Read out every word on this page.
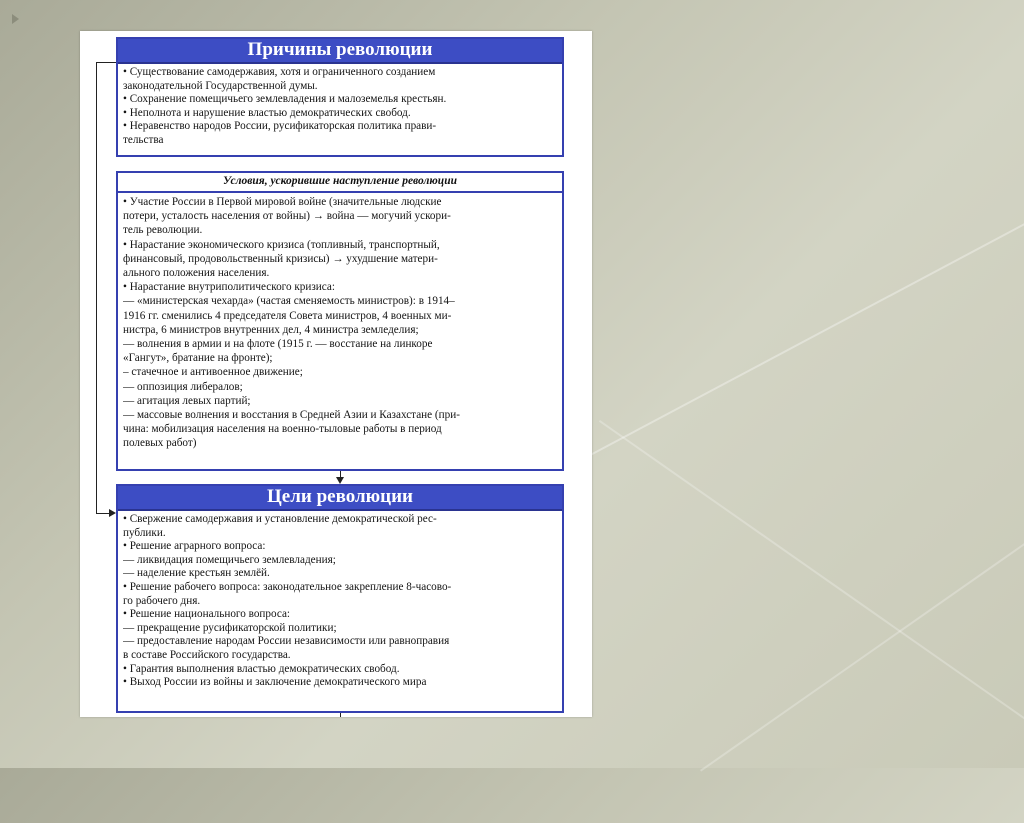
Причины революции
• Существование самодержавия, хотя и ограниченного созданием
законодательной Государственной думы.
• Сохранение помещичьего землевладения и малоземелья крестьян.
• Неполнота и нарушение властью демократических свобод.
• Неравенство народов России, русификаторская политика прави-
тельства
Условия, ускорившие наступление революции
• Участие России в Первой мировой войне (значительные людские
потери, усталость населения от войны) → война — могучий ускори-
тель революции.
• Нарастание экономического кризиса (топливный, транспортный,
финансовый, продовольственный кризисы) → ухудшение матери-
ального положения населения.
• Нарастание внутриполитического кризиса:
— «министерская чехарда» (частая сменяемость министров): в 1914–
1916 гг. сменились 4 председателя Совета министров, 4 военных ми-
нистра, 6 министров внутренних дел, 4 министра земледелия;
— волнения в армии и на флоте (1915 г. — восстание на линкоре
«Гангут», братание на фронте);
– стачечное и антивоенное движение;
— оппозиция либералов;
— агитация левых партий;
— массовые волнения и восстания в Средней Азии и Казахстане (при-
чина: мобилизация населения на военно-тыловые работы в период
полевых работ)
Цели революции
• Свержение самодержавия и установление демократической рес-
публики.
• Решение аграрного вопроса:
— ликвидация помещичьего землевладения;
— наделение крестьян землёй.
• Решение рабочего вопроса: законодательное закрепление 8-часово-
го рабочего дня.
• Решение национального вопроса:
— прекращение русификаторской политики;
— предоставление народам России независимости или равноправия
в составе Российского государства.
• Гарантия выполнения властью демократических свобод.
• Выход России из войны и заключение демократического мира
